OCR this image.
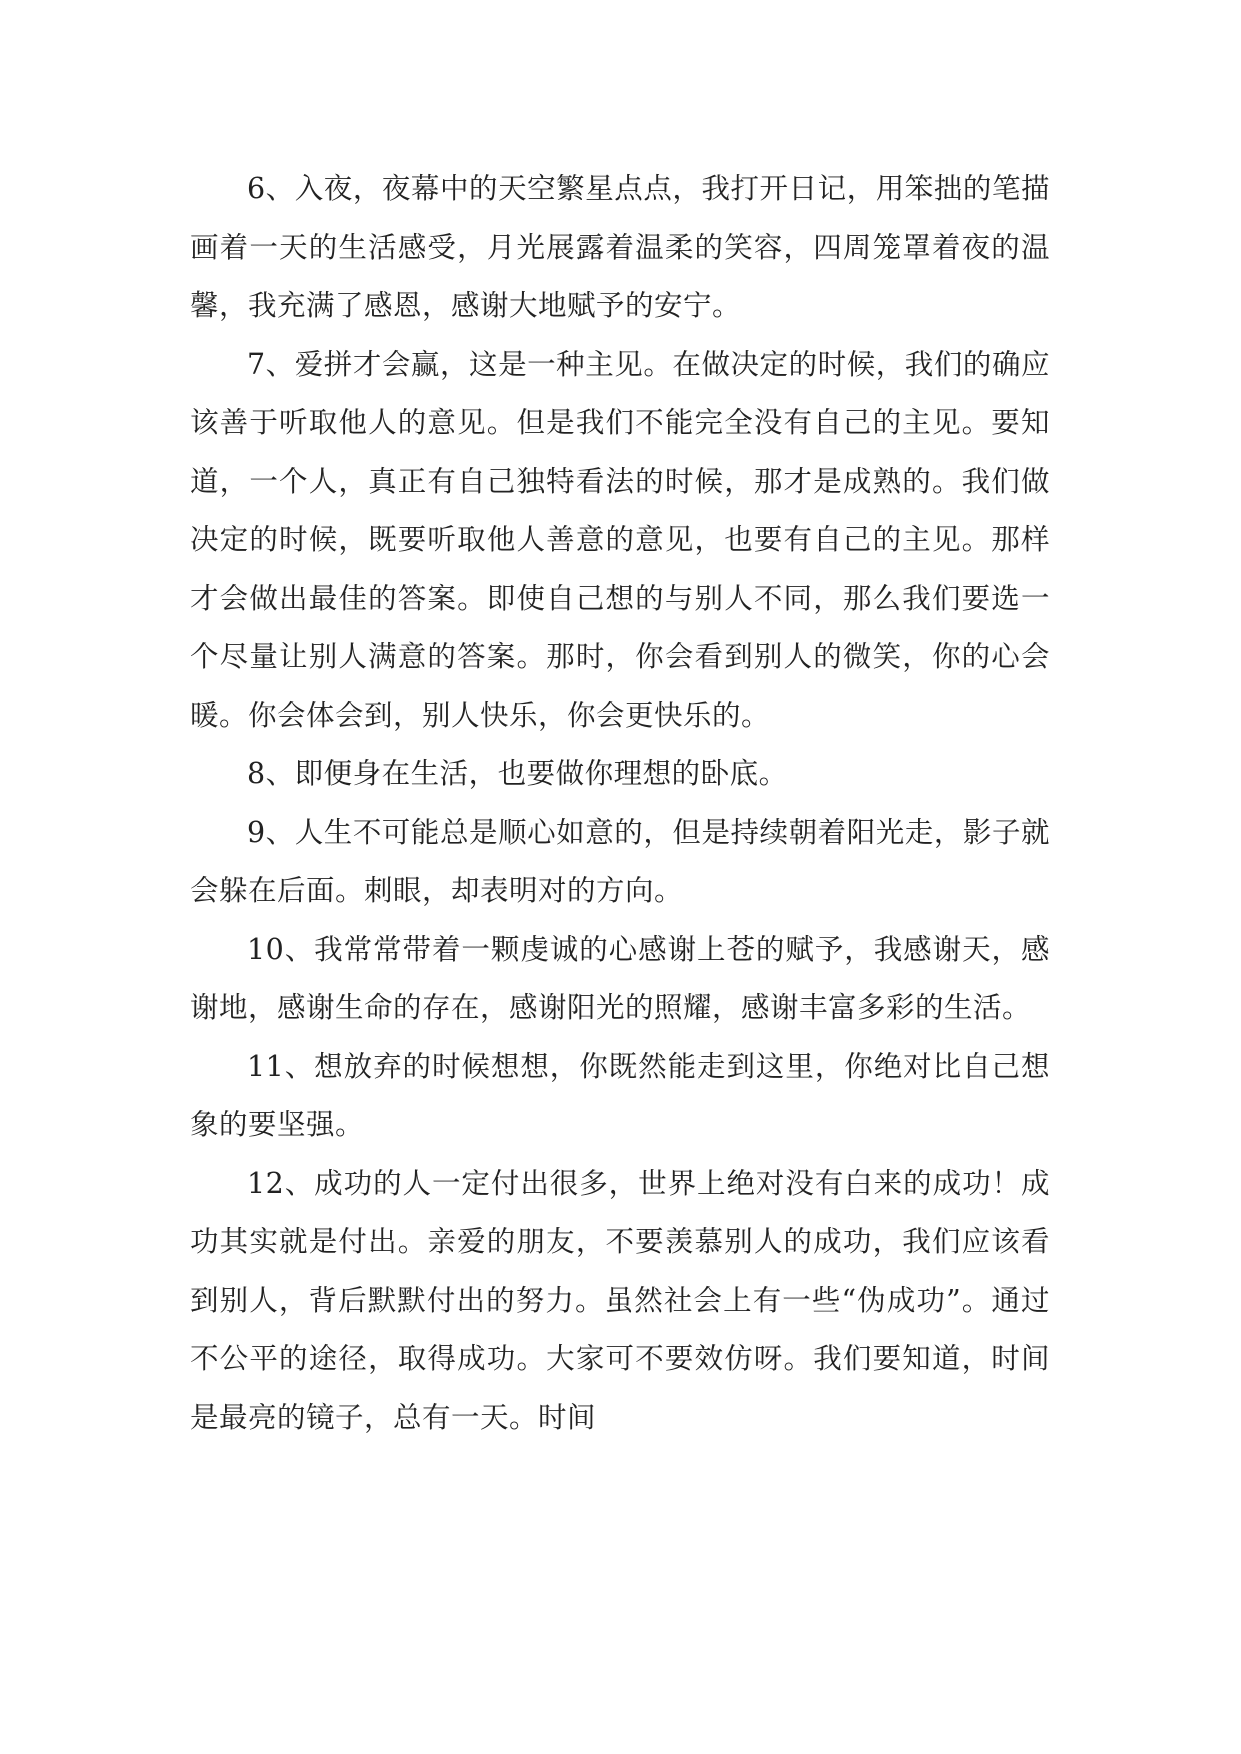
6、入夜，夜幕中的天空繁星点点，我打开日记，用笨拙的笔描画着一天的生活感受，月光展露着温柔的笑容，四周笼罩着夜的温馨，我充满了感恩，感谢大地赋予的安宁。

7、爱拼才会赢，这是一种主见。在做决定的时候，我们的确应该善于听取他人的意见。但是我们不能完全没有自己的主见。要知道，一个人，真正有自己独特看法的时候，那才是成熟的。我们做决定的时候，既要听取他人善意的意见，也要有自己的主见。那样才会做出最佳的答案。即使自己想的与别人不同，那么我们要选一个尽量让别人满意的答案。那时，你会看到别人的微笑，你的心会暖。你会体会到，别人快乐，你会更快乐的。

8、即便身在生活，也要做你理想的卧底。

9、人生不可能总是顺心如意的，但是持续朝着阳光走，影子就会躲在后面。刺眼，却表明对的方向。

10、我常常带着一颗虔诚的心感谢上苍的赋予，我感谢天，感谢地，感谢生命的存在，感谢阳光的照耀，感谢丰富多彩的生活。

11、想放弃的时候想想，你既然能走到这里，你绝对比自己想象的要坚强。

12、成功的人一定付出很多，世界上绝对没有白来的成功！成功其实就是付出。亲爱的朋友，不要羡慕别人的成功，我们应该看到别人，背后默默付出的努力。虽然社会上有一些“伪成功”。通过不公平的途径，取得成功。大家可不要效仿呀。我们要知道，时间是最亮的镜子，总有一天。时间
